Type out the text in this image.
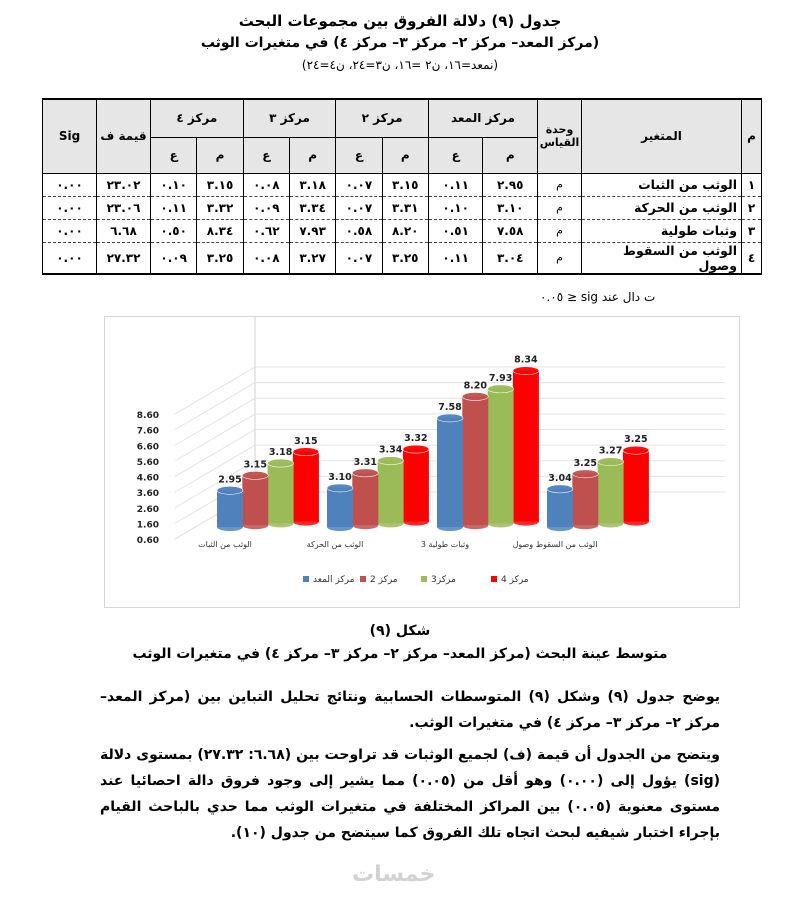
جدول (٩) دلالة الفروق بين مجموعات البحث
(مركز المعد– مركز ٢– مركز ٣– مركز ٤) في متغيرات الوثب
(نمعد=١٦، ن٢ =١٦، ن٣=٢٤، ن٤=٢٤)
م	المتغير	وحدة القياس	مركز المعد		مركز ٢		مركز ٣		مركز ٤		قيمة ف	Sig
			م	ع	م	ع	م	ع	م	ع		
١	الوثب من الثبات	م	٢.٩٥	٠.١١	٣.١٥	٠.٠٧	٣.١٨	٠.٠٨	٣.١٥	٠.١٠	٢٣.٠٢	٠.٠٠
٢	الوثب من الحركة	م	٣.١٠	٠.١٠	٣.٣١	٠.٠٧	٣.٣٤	٠.٠٩	٣.٣٢	٠.١١	٢٣.٠٦	٠.٠٠
٣	وثبات طولية	م	٧.٥٨	٠.٥١	٨.٢٠	٠.٥٨	٧.٩٣	٠.٦٢	٨.٣٤	٠.٥٠	٦.٦٨	٠.٠٠
٤	الوثب من السقوط وصول	م	٣.٠٤	٠.١١	٣.٢٥	٠.٠٧	٣.٢٧	٠.٠٨	٣.٢٥	٠.٠٩	٢٧.٣٢	٠.٠٠
ت دال عند sig ≤ ٠.٠٥
8.60
7.60
6.60
5.60
4.60
3.60
2.60
1.60
0.60
3.15	3.32
8.34
3.25
3.18	3.34
7.93
3.27
3.15	3.31
8.20
3.25
2.95	3.10
7.58
3.04
الوثب من الثبات	الوثب من الحركة	3 وثبات طولية	الوثب من السقوط وصول
مركز المعد مركز 2	مركز3	مركز 4
شكل (٩)
متوسط عينة البحث (مركز المعد– مركز ٢– مركز ٣– مركز ٤) في متغيرات الوثب
يوضح جدول (٩) وشكل (٩) المتوسطات الحسابية ونتائج تحليل التباين بين (مركز المعد– مركز ٢– مركز ٣– مركز ٤) في متغيرات الوثب.
ويتضح من الجدول أن قيمة (ف) لجميع الوثبات قد تراوحت بين (٦.٦٨: ٢٧.٣٢) بمستوى دلالة (sig) يؤول إلى (٠.٠٠) وهو أقل من (٠.٠٥) مما يشير إلى وجود فروق دالة احصائيا عند مستوى معنوية (٠.٠٥) بين المراكز المختلفة في متغيرات الوثب مما حدي بالباحث القيام بإجراء اختبار شيفيه لبحث اتجاه تلك الفروق كما سيتضح من جدول (١٠).
خمسات
